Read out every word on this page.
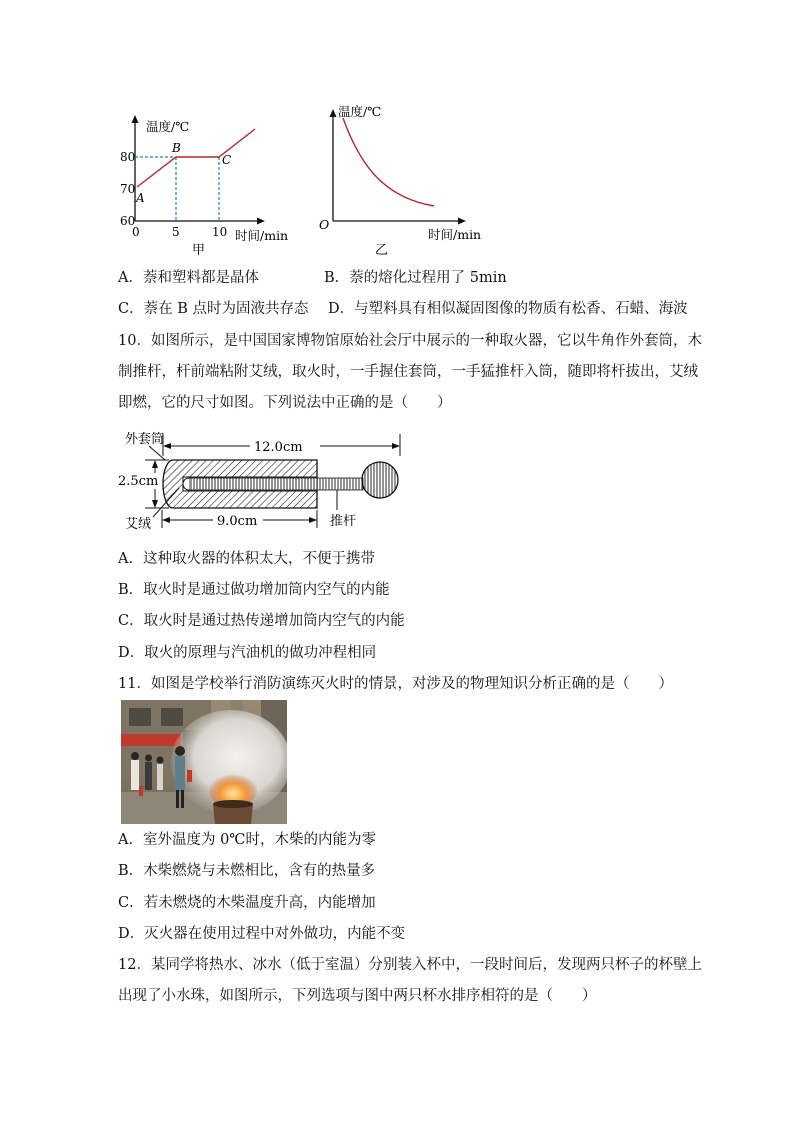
温度/℃
80
70
60
0	5	10 时间/min
A
B
C
甲
温度/℃
O
时间/min
乙
A．萘和塑料都是晶体	B．萘的熔化过程用了 5min
C．萘在 B 点时为固液共存态 D．与塑料具有相似凝固图像的物质有松香、石蜡、海波
10．如图所示，是中国国家博物馆原始社会厅中展示的一种取火器，它以牛角作外套筒，木
制推杆，杆前端粘附艾绒，取火时，一手握住套筒，一手猛推杆入筒，随即将杆拔出，艾绒
即燃，它的尺寸如图。下列说法中正确的是（　　）
12.0cm
外套筒
2.5cm
艾绒	9.0cm	推杆
A．这种取火器的体积太大，不便于携带
B．取火时是通过做功增加筒内空气的内能
C．取火时是通过热传递增加筒内空气的内能
D．取火的原理与汽油机的做功冲程相同
11．如图是学校举行消防演练灭火时的情景，对涉及的物理知识分析正确的是（　　）
A．室外温度为 0℃时，木柴的内能为零
B．木柴燃烧与未燃相比，含有的热量多
C．若未燃烧的木柴温度升高，内能增加
D．灭火器在使用过程中对外做功，内能不变
12．某同学将热水、冰水（低于室温）分别装入杯中，一段时间后，发现两只杯子的杯壁上
出现了小水珠，如图所示，下列选项与图中两只杯水排序相符的是（　　）
